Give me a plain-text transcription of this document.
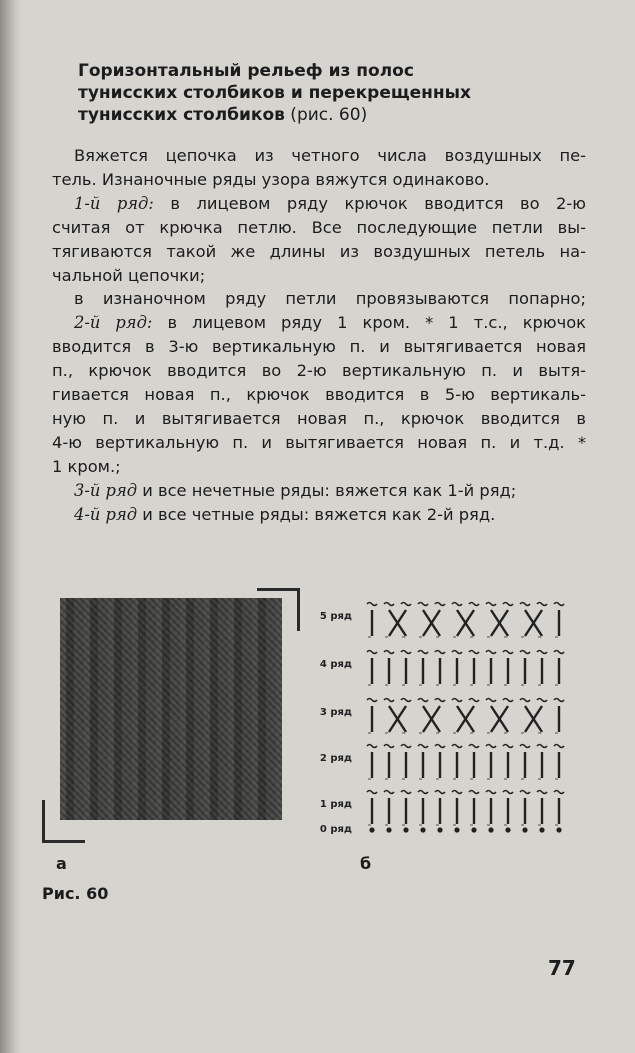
Горизонтальный рельеф из полос
тунисских столбиков и перекрещенных
тунисских столбиков (рис. 60)
Вяжется цепочка из четного числа воздушных пе-
тель. Изнаночные ряды узора вяжутся одинаково.
1-й ряд: в лицевом ряду крючок вводится во 2-ю
считая от крючка петлю. Все последующие петли вы-
тягиваются такой же длины из воздушных петель на-
чальной цепочки;
в изнаночном ряду петли провязываются попарно;
2-й ряд: в лицевом ряду 1 кром. * 1 т.с., крючок
вводится в 3-ю вертикальную п. и вытягивается новая
п., крючок вводится во 2-ю вертикальную п. и вытя-
гивается новая п., крючок вводится в 5-ю вертикаль-
ную п. и вытягивается новая п., крючок вводится в
4-ю вертикальную п. и вытягивается новая п. и т.д. *
1 кром.;
3-й ряд и все нечетные ряды: вяжется как 1-й ряд;
4-й ряд и все четные ряды: вяжется как 2-й ряд.
5 ряд
4 ряд
3 ряд
2 ряд
1 ряд
0 ряд
а	б
Рис. 60
77
